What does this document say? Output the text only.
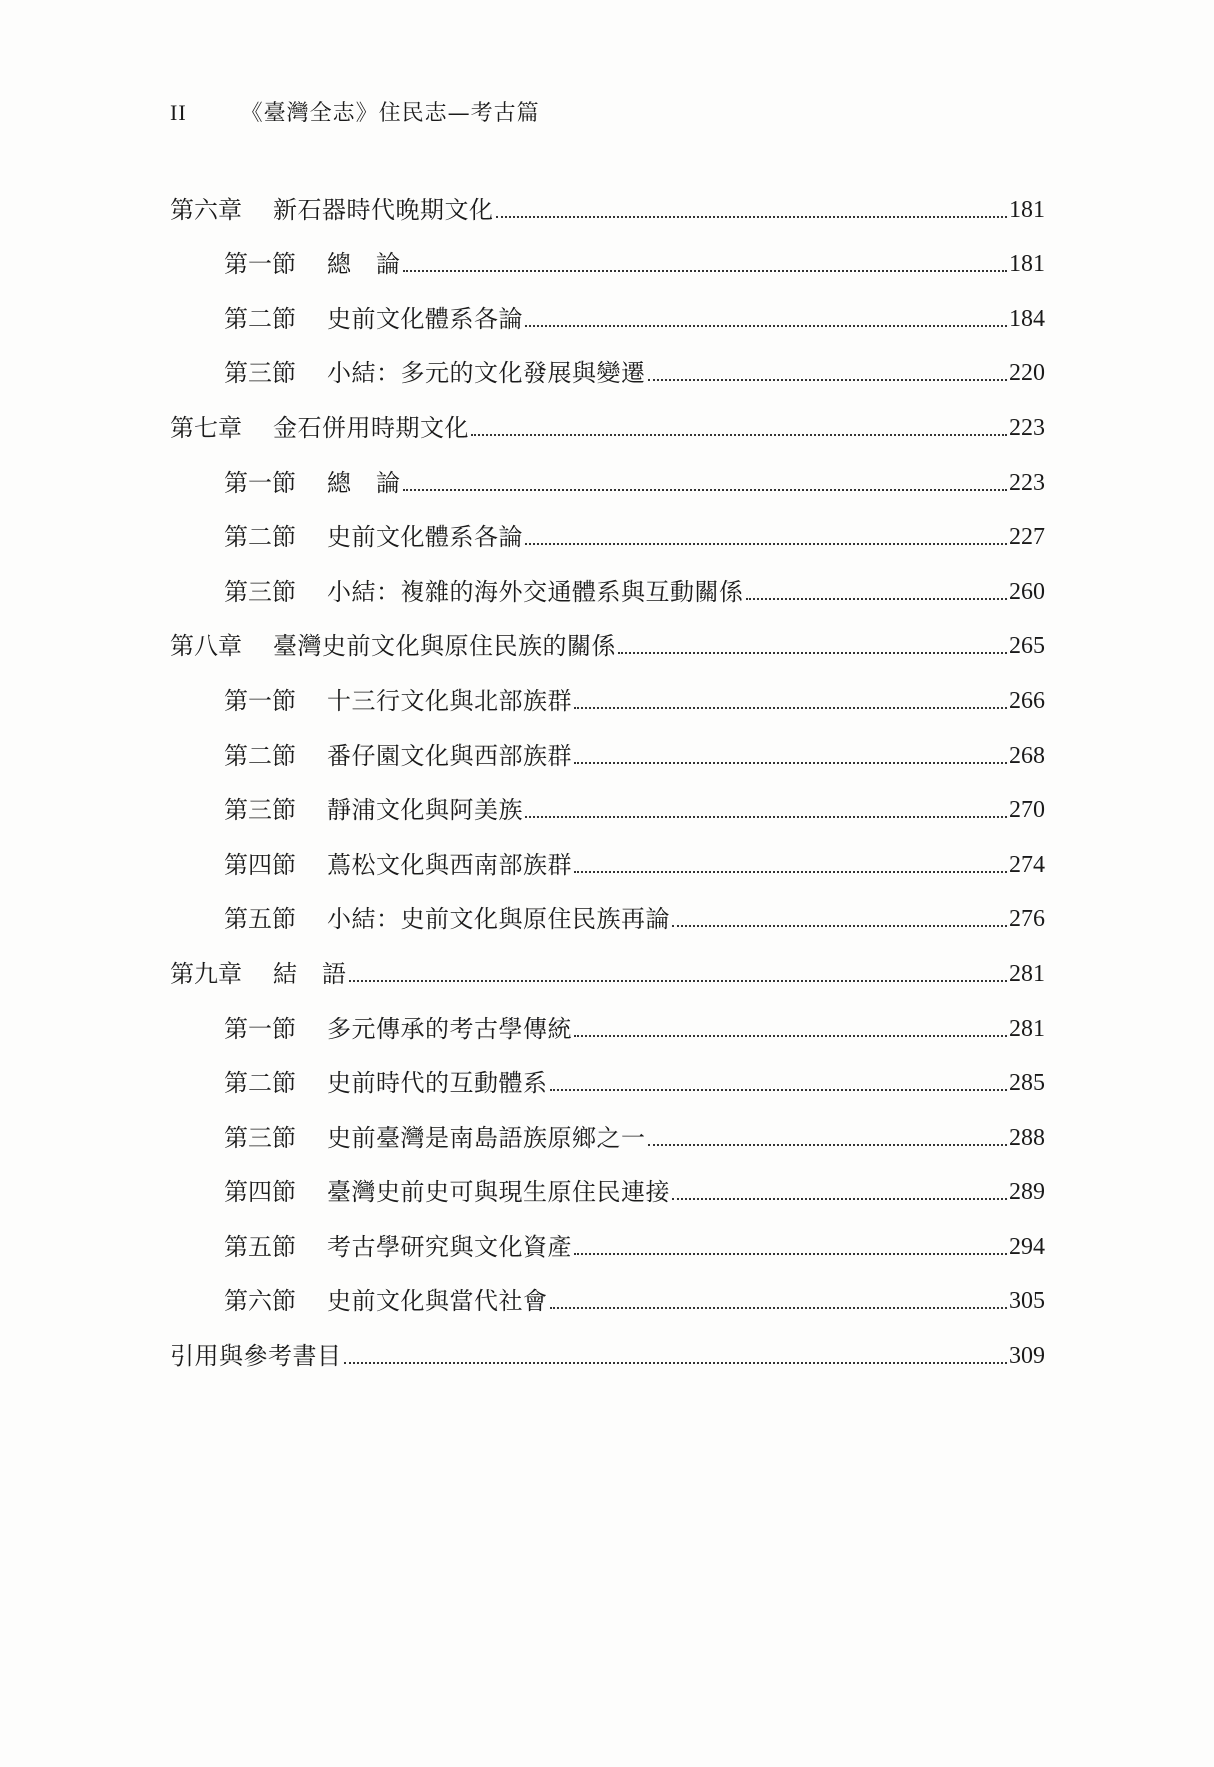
II 《臺灣全志》住民志—考古篇
第六章	新石器時代晚期文化	181
第一節	總　論	181
第二節	史前文化體系各論	184
第三節	小結：多元的文化發展與變遷	220
第七章	金石併用時期文化	223
第一節	總　論	223
第二節	史前文化體系各論	227
第三節	小結：複雜的海外交通體系與互動關係	260
第八章	臺灣史前文化與原住民族的關係	265
第一節	十三行文化與北部族群	266
第二節	番仔園文化與西部族群	268
第三節	靜浦文化與阿美族	270
第四節	蔦松文化與西南部族群	274
第五節	小結：史前文化與原住民族再論	276
第九章	結　語	281
第一節	多元傳承的考古學傳統	281
第二節	史前時代的互動體系	285
第三節	史前臺灣是南島語族原鄉之一	288
第四節	臺灣史前史可與現生原住民連接	289
第五節	考古學研究與文化資產	294
第六節	史前文化與當代社會	305
引用與參考書目	309
